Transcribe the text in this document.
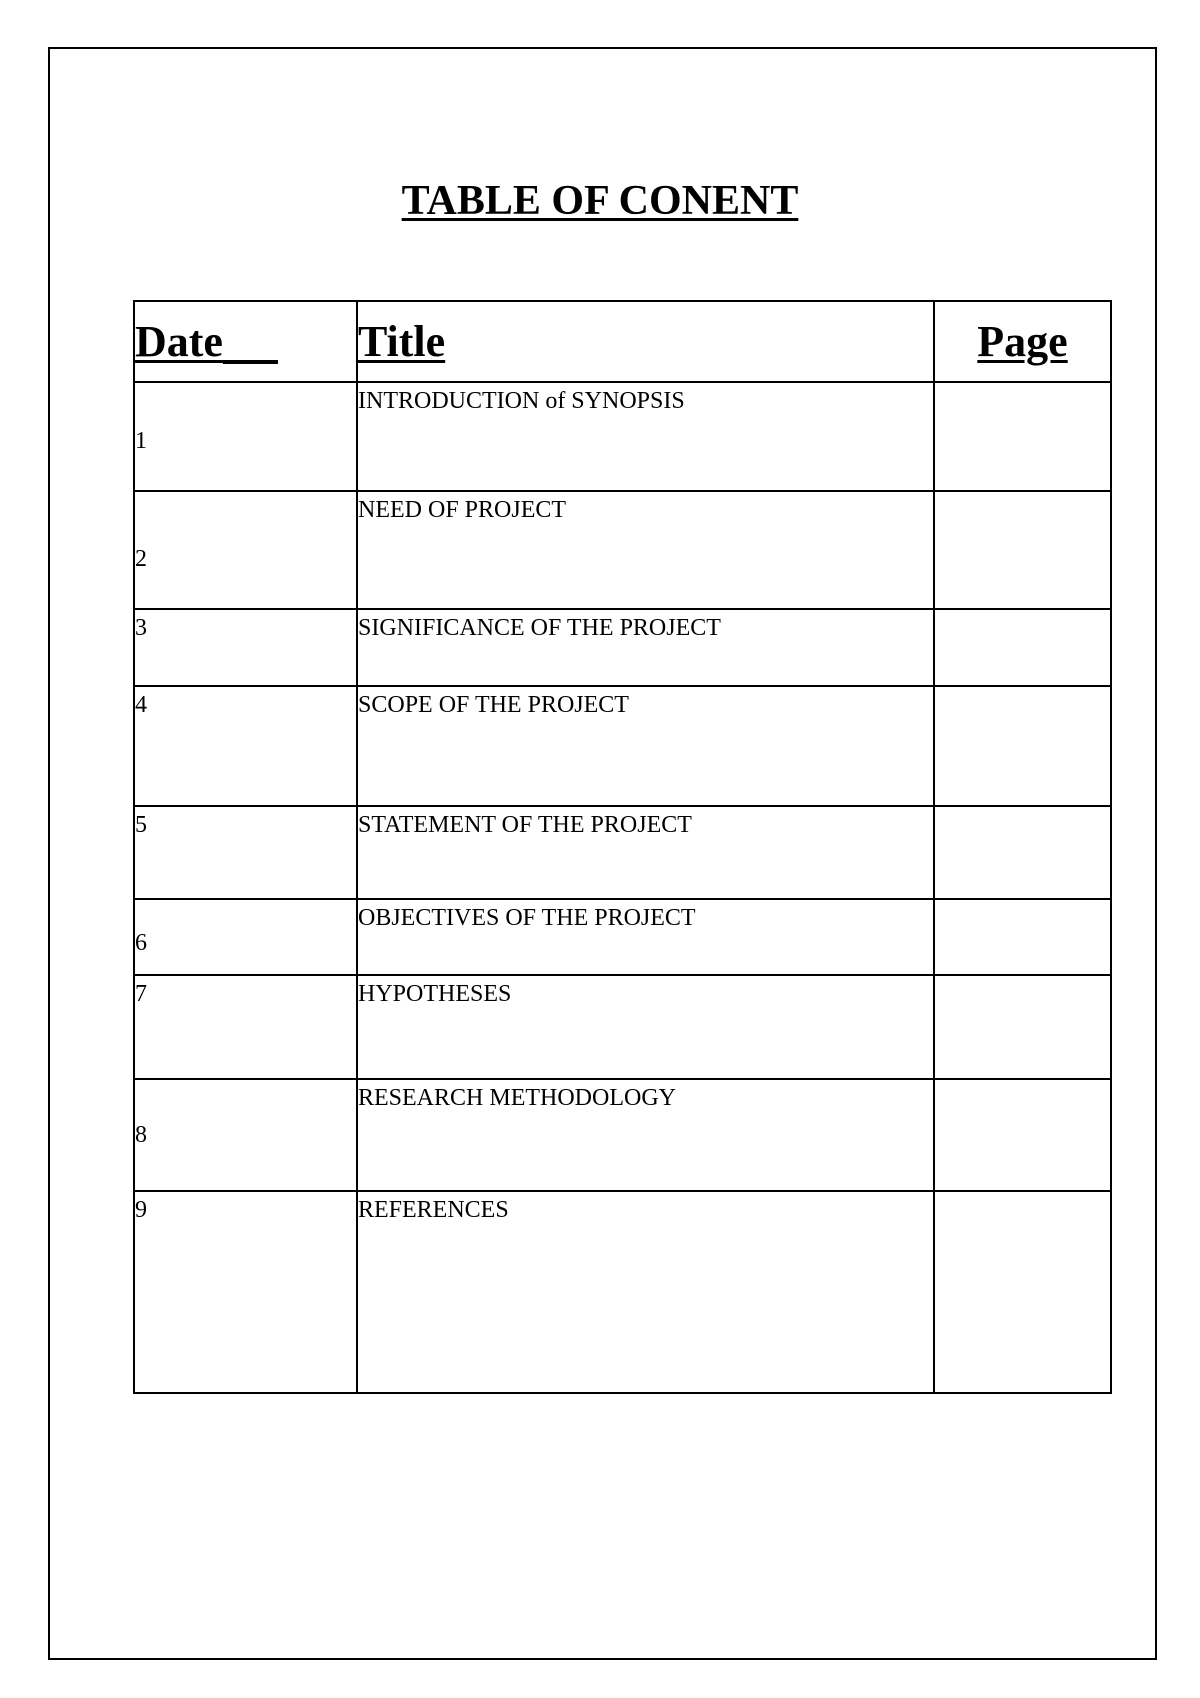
TABLE OF CONENT
Date	Title	Page

1	INTRODUCTION of SYNOPSIS	

2	NEED OF PROJECT	

3	SIGNIFICANCE OF THE PROJECT	

4	SCOPE OF THE PROJECT	

5	STATEMENT OF THE PROJECT	

6	OBJECTIVES OF THE PROJECT	

7	HYPOTHESES	

8	RESEARCH METHODOLOGY	

9	REFERENCES	
